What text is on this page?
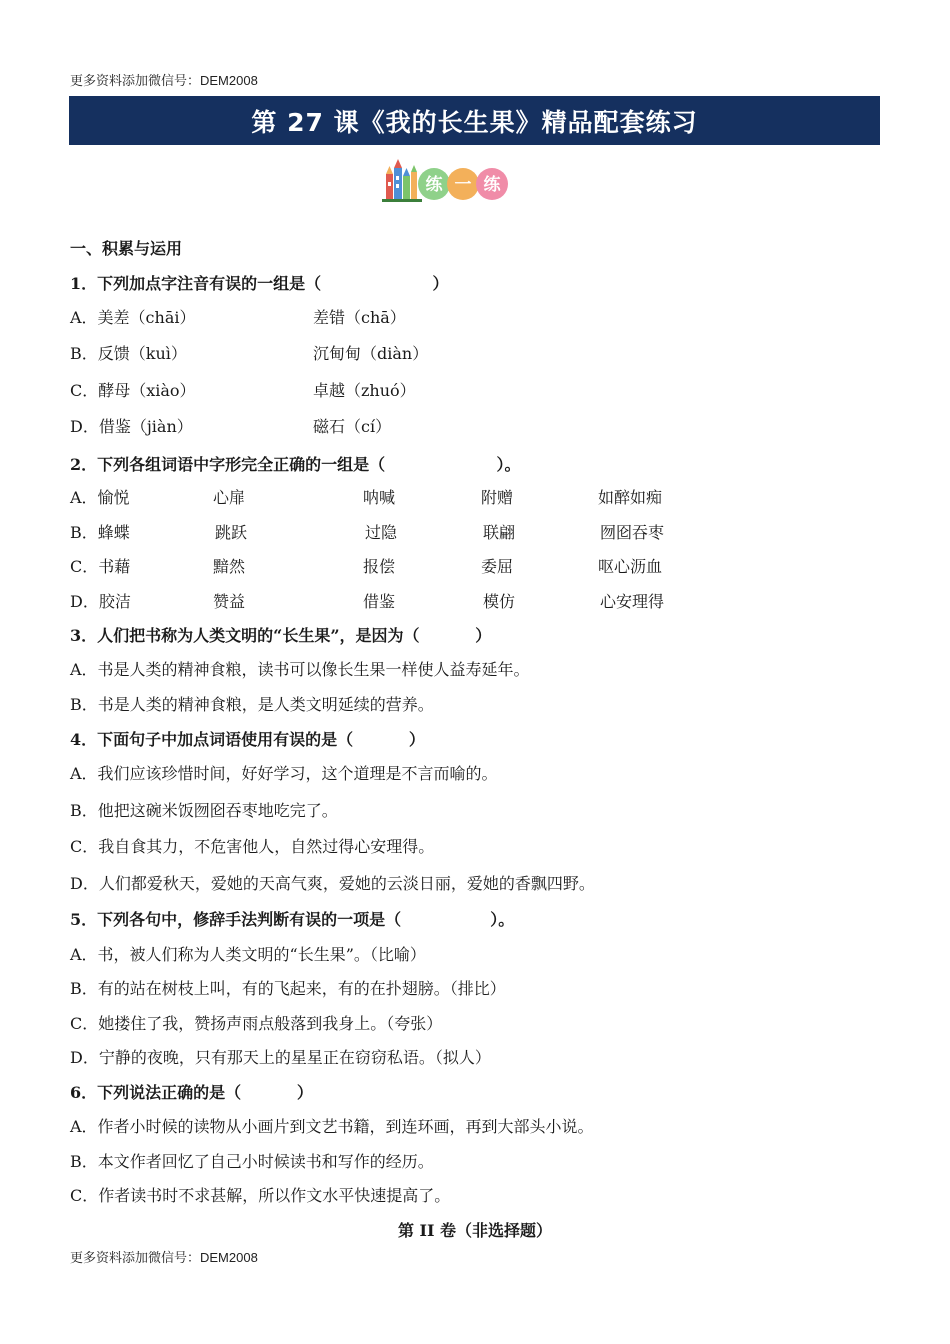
更多资料添加微信号：DEM2008
第 27 课《我的长生果》精品配套练习
练 一 练
一、积累与运用
1．下列加点字注音有误的一组是（                    ）
A．美差（chāi）	差错（chā）
B．反馈（kuì）	沉甸甸（diàn）
C．酵母（xiào）	卓越（zhuó）
D．借鉴（jiàn）	磁石（cí）
2．下列各组词语中字形完全正确的一组是（                    ）。
A．愉悦	心扉	呐喊	附赠	如醉如痴
B．蜂蝶	跳跃	过隐	联翩	囫囵吞枣
C．书藉	黯然	报偿	委屈	呕心沥血
D．胶洁	赞益	借鉴	模仿	心安理得
3．人们把书称为人类文明的“长生果”，是因为（          ）
A．书是人类的精神食粮，读书可以像长生果一样使人益寿延年。
B．书是人类的精神食粮，是人类文明延续的营养。
4．下面句子中加点词语使用有误的是（          ）
A．我们应该珍惜时间，好好学习，这个道理是不言而喻的。
B．他把这碗米饭囫囵吞枣地吃完了。
C．我自食其力，不危害他人，自然过得心安理得。
D．人们都爱秋天，爱她的天高气爽，爱她的云淡日丽，爱她的香飘四野。
5．下列各句中，修辞手法判断有误的一项是（                ）。
A．书，被人们称为人类文明的“长生果”。（比喻）
B．有的站在树枝上叫，有的飞起来，有的在扑翅膀。（排比）
C．她搂住了我，赞扬声雨点般落到我身上。（夸张）
D．宁静的夜晚，只有那天上的星星正在窃窃私语。（拟人）
6．下列说法正确的是（          ）
A．作者小时候的读物从小画片到文艺书籍，到连环画，再到大部头小说。
B．本文作者回忆了自己小时候读书和写作的经历。
C．作者读书时不求甚解，所以作文水平快速提高了。
第 II 卷（非选择题）
更多资料添加微信号：DEM2008
